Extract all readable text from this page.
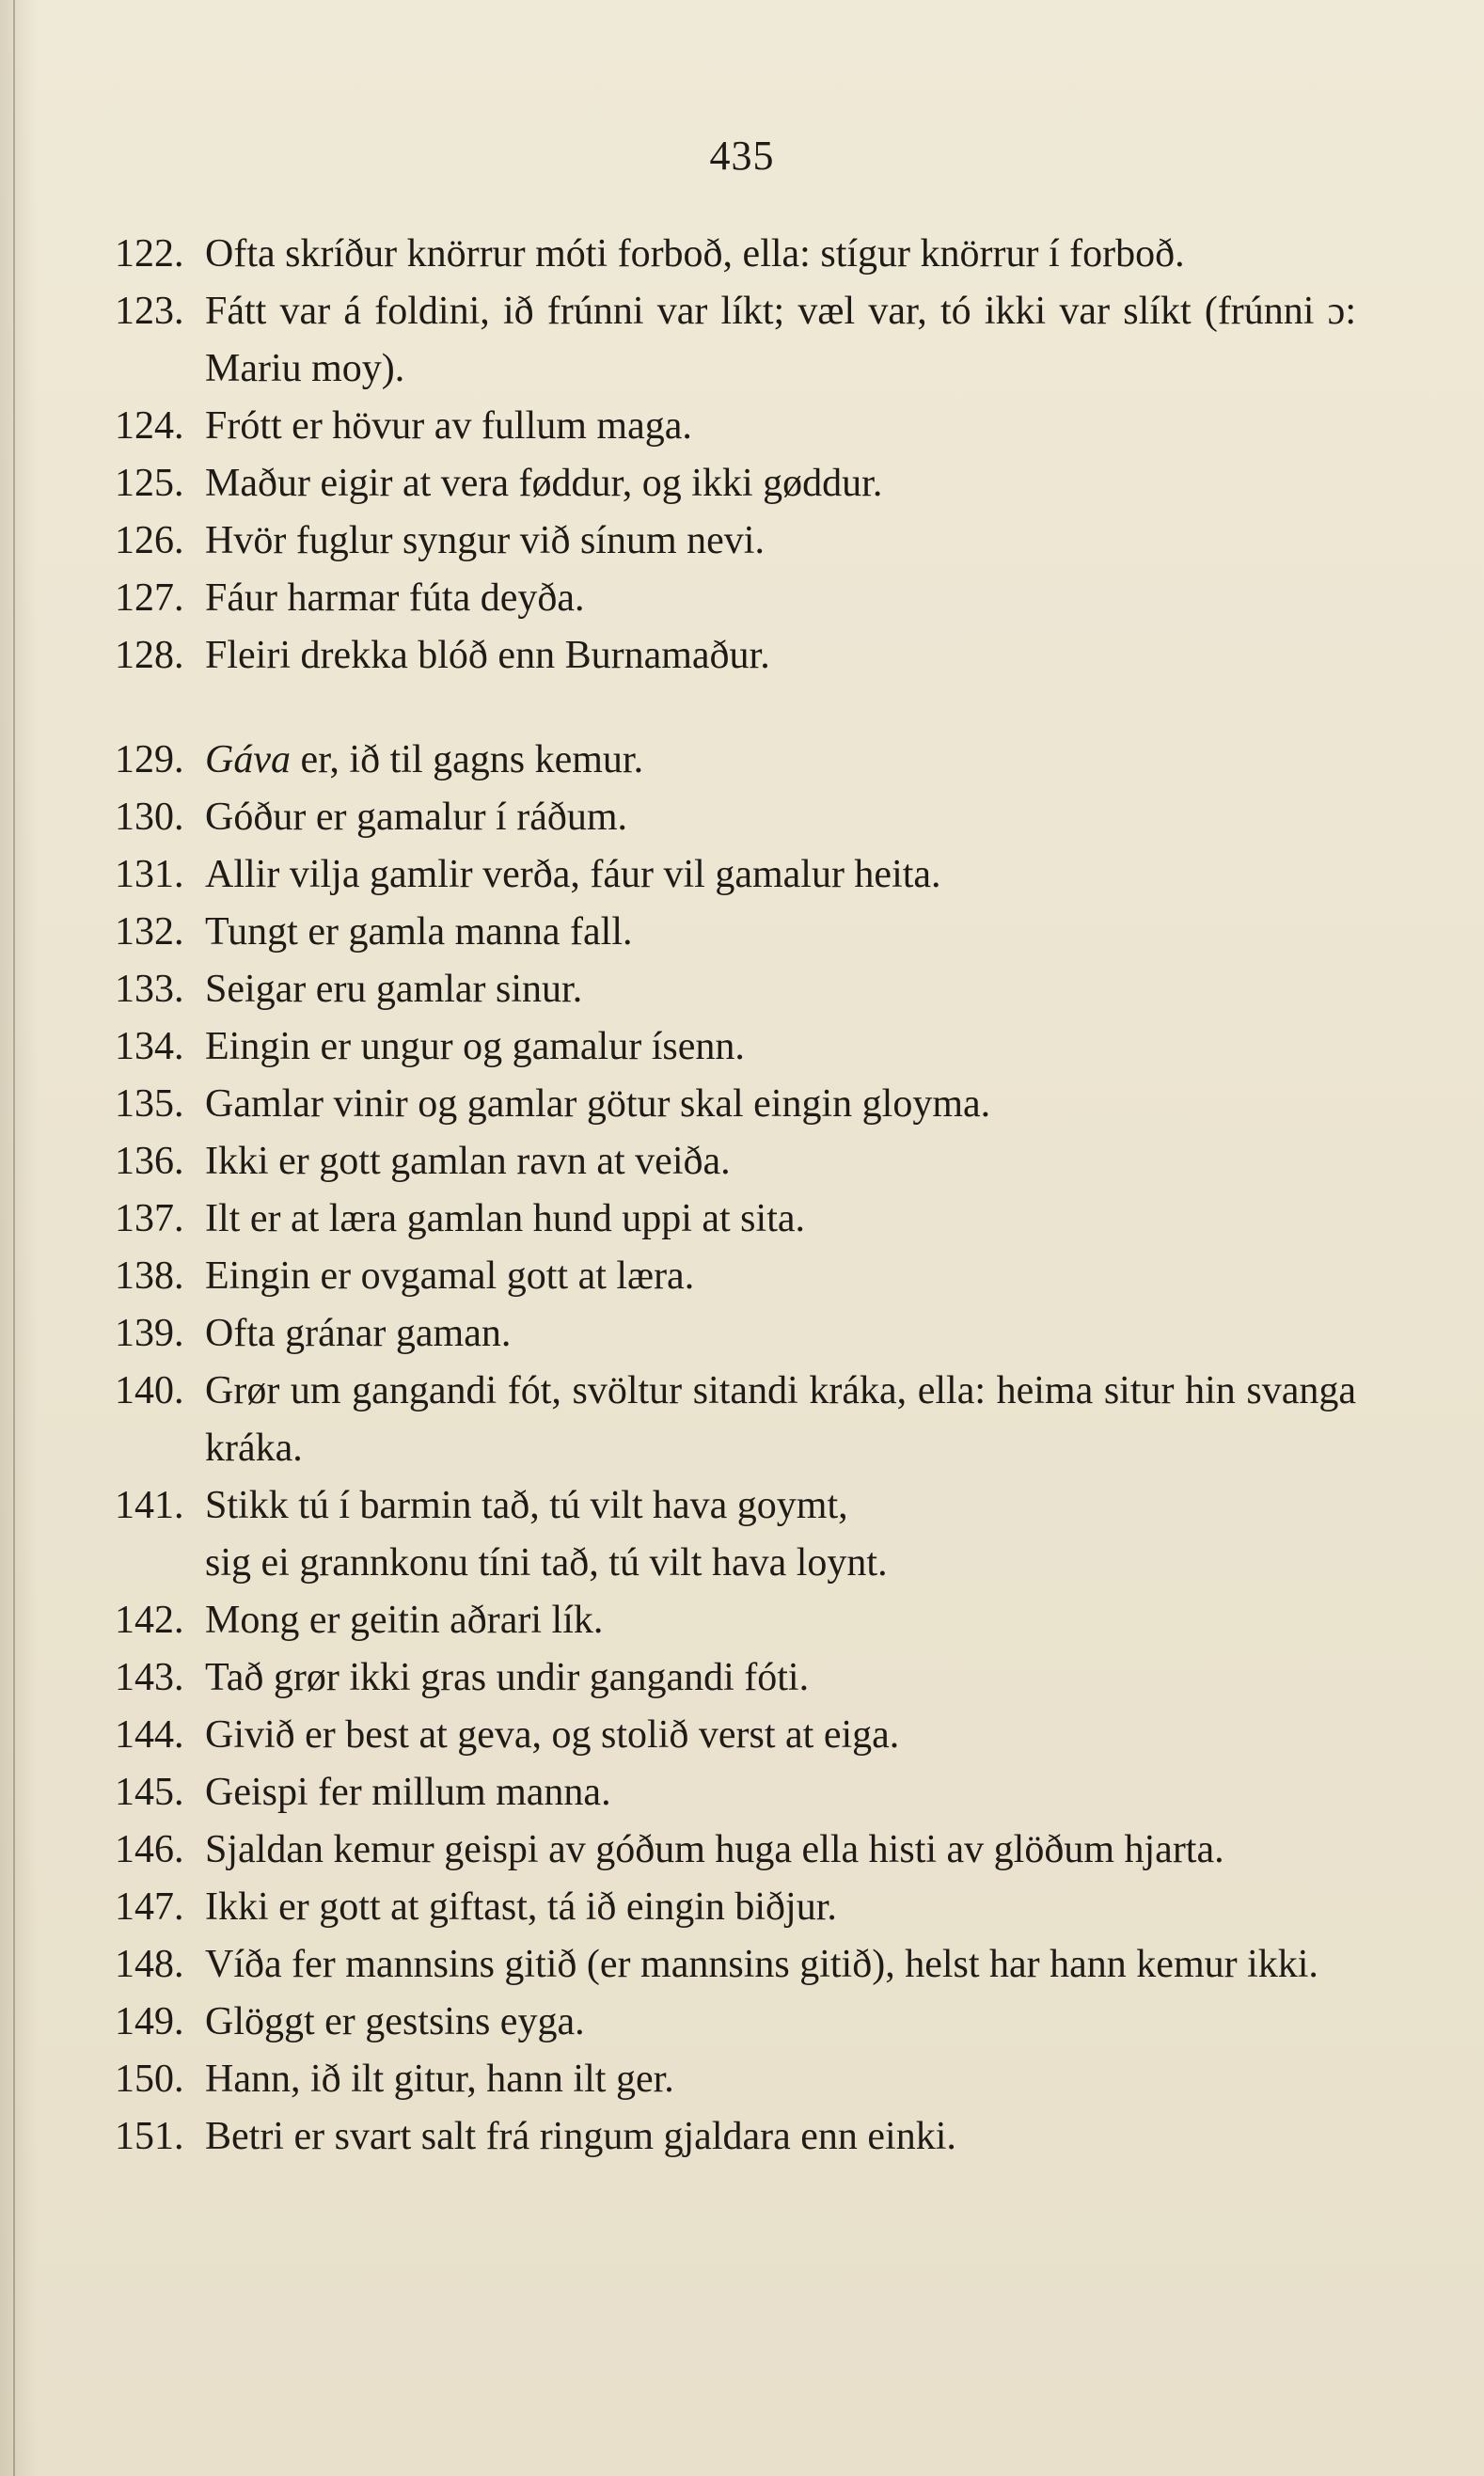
435
122. Ofta skríður knörrur móti forboð, ella: stígur knörrur í forboð.
123. Fátt var á foldini, ið frúnni var líkt; væl var, tó ikki var slíkt (frúnni ɔ: Mariu moy).
124. Frótt er hövur av fullum maga.
125. Maður eigir at vera føddur, og ikki gøddur.
126. Hvör fuglur syngur við sínum nevi.
127. Fáur harmar fúta deyða.
128. Fleiri drekka blóð enn Burnamaður.
129. Gáva er, ið til gagns kemur.
130. Góður er gamalur í ráðum.
131. Allir vilja gamlir verða, fáur vil gamalur heita.
132. Tungt er gamla manna fall.
133. Seigar eru gamlar sinur.
134. Eingin er ungur og gamalur ísenn.
135. Gamlar vinir og gamlar götur skal eingin gloyma.
136. Ikki er gott gamlan ravn at veiða.
137. Ilt er at læra gamlan hund uppi at sita.
138. Eingin er ovgamal gott at læra.
139. Ofta gránar gaman.
140. Grør um gangandi fót, svöltur sitandi kráka, ella: heima situr hin svanga kráka.
141. Stikk tú í barmin tað, tú vilt hava goymt,
sig ei grannkonu tíni tað, tú vilt hava loynt.
142. Mong er geitin aðrari lík.
143. Tað grør ikki gras undir gangandi fóti.
144. Givið er best at geva, og stolið verst at eiga.
145. Geispi fer millum manna.
146. Sjaldan kemur geispi av góðum huga ella histi av glöðum hjarta.
147. Ikki er gott at giftast, tá ið eingin biðjur.
148. Víða fer mannsins gitið (er mannsins gitið), helst har hann kemur ikki.
149. Glöggt er gestsins eyga.
150. Hann, ið ilt gitur, hann ilt ger.
151. Betri er svart salt frá ringum gjaldara enn einki.
